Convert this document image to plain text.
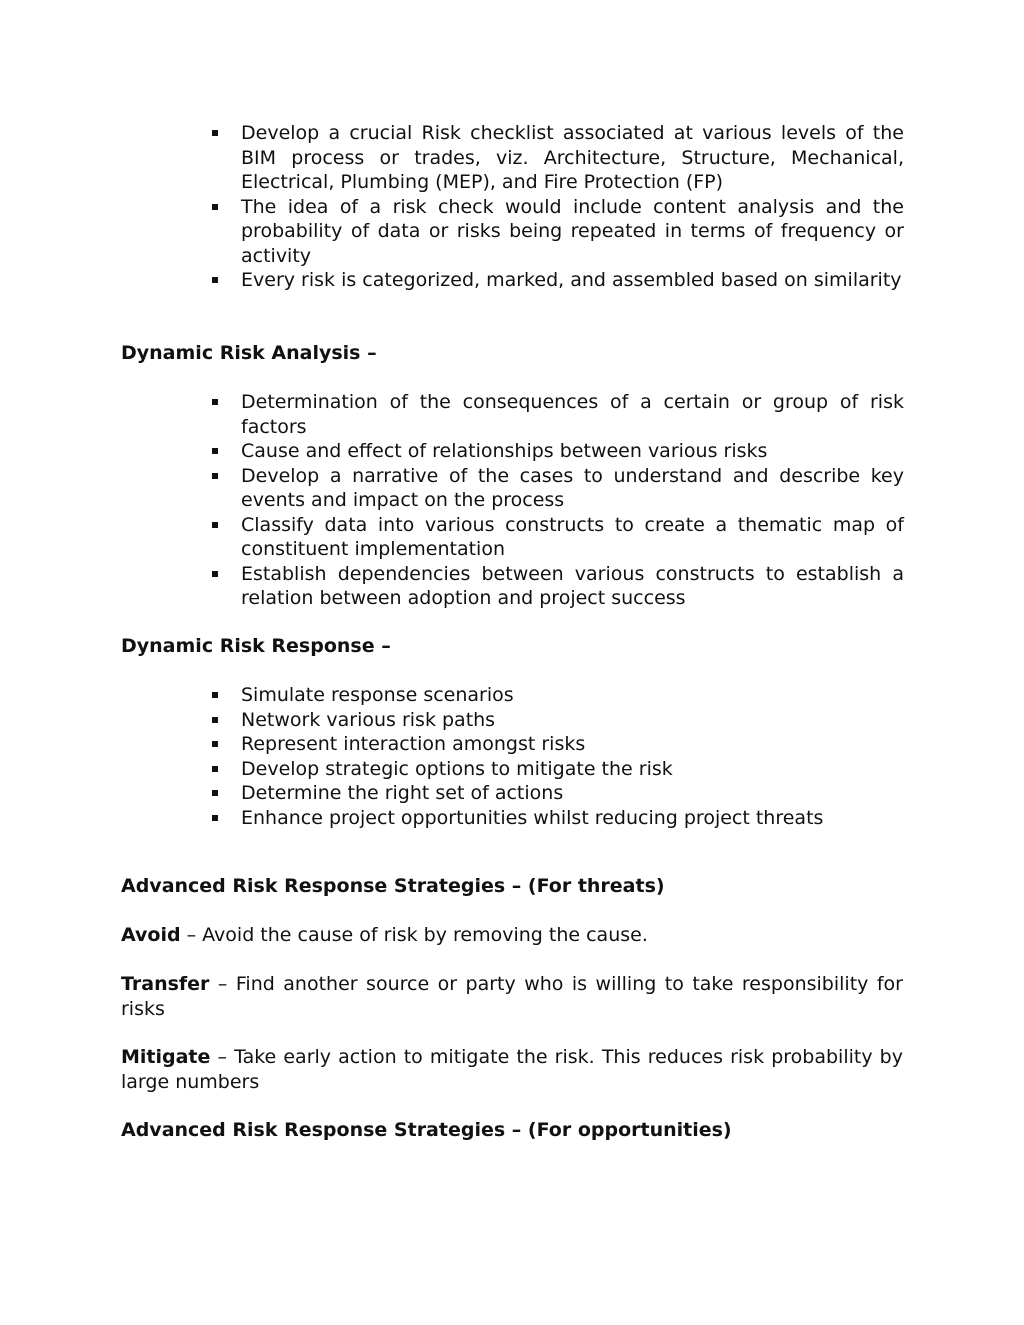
Develop a crucial Risk checklist associated at various levels of the BIM process or trades, viz. Architecture, Structure, Mechanical, Electrical, Plumbing (MEP), and Fire Protection (FP)
The idea of a risk check would include content analysis and the probability of data or risks being repeated in terms of frequency or activity
Every risk is categorized, marked, and assembled based on similarity
Dynamic Risk Analysis –
Determination of the consequences of a certain or group of risk factors
Cause and effect of relationships between various risks
Develop a narrative of the cases to understand and describe key events and impact on the process
Classify data into various constructs to create a thematic map of constituent implementation
Establish dependencies between various constructs to establish a relation between adoption and project success
Dynamic Risk Response –
Simulate response scenarios
Network various risk paths
Represent interaction amongst risks
Develop strategic options to mitigate the risk
Determine the right set of actions
Enhance project opportunities whilst reducing project threats
Advanced Risk Response Strategies – (For threats)

Avoid – Avoid the cause of risk by removing the cause.

Transfer – Find another source or party who is willing to take responsibility for risks

Mitigate – Take early action to mitigate the risk. This reduces risk probability by large numbers

Advanced Risk Response Strategies – (For opportunities)
